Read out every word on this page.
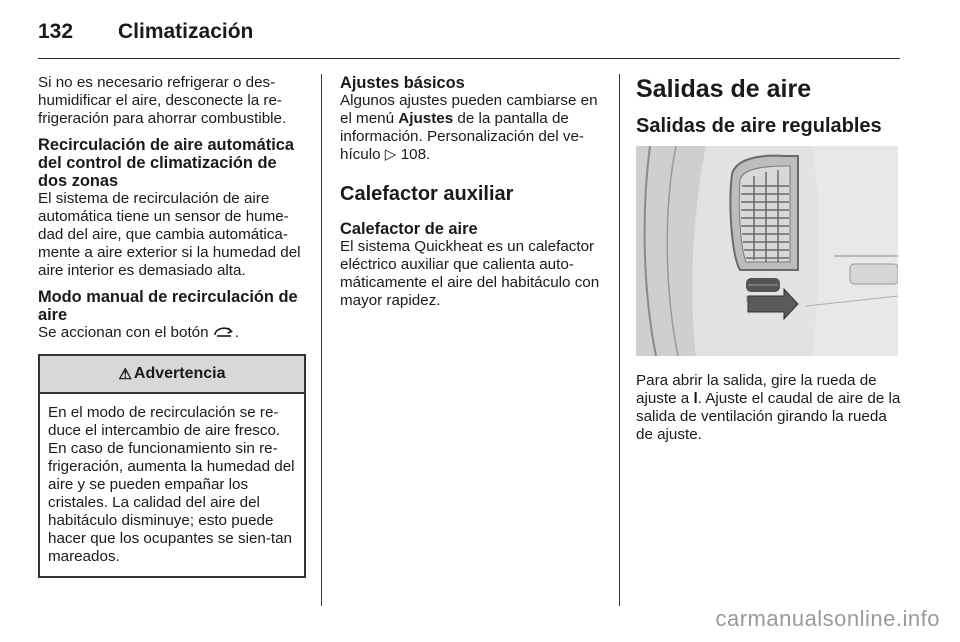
132 Climatización

Si no es necesario refrigerar o des-
humidificar el aire, desconecte la re-
frigeración para ahorrar combustible.

Recirculación de aire automática del control de climatización de dos zonas

El sistema de recirculación de aire automática tiene un sensor de hume-dad del aire, que cambia automática-mente a aire exterior si la humedad del aire interior es demasiado alta.

Modo manual de recirculación de aire

Se accionan con el botón .

⚠ Advertencia

En el modo de recirculación se re-duce el intercambio de aire fresco. En caso de funcionamiento sin re-frigeración, aumenta la humedad del aire y se pueden empañar los cristales. La calidad del aire del habitáculo disminuye; esto puede hacer que los ocupantes se sien-tan mareados.

Ajustes básicos

Algunos ajustes pueden cambiarse en el menú Ajustes de la pantalla de información. Personalización del ve-hículo ▷ 108.

Calefactor auxiliar
Calefactor de aire

El sistema Quickheat es un calefactor eléctrico auxiliar que calienta auto-máticamente el aire del habitáculo con mayor rapidez.

Salidas de aire
Salidas de aire regulables

Para abrir la salida, gire la rueda de ajuste a l. Ajuste el caudal de aire de la salida de ventilación girando la rueda de ajuste.

carmanualsonline.info
